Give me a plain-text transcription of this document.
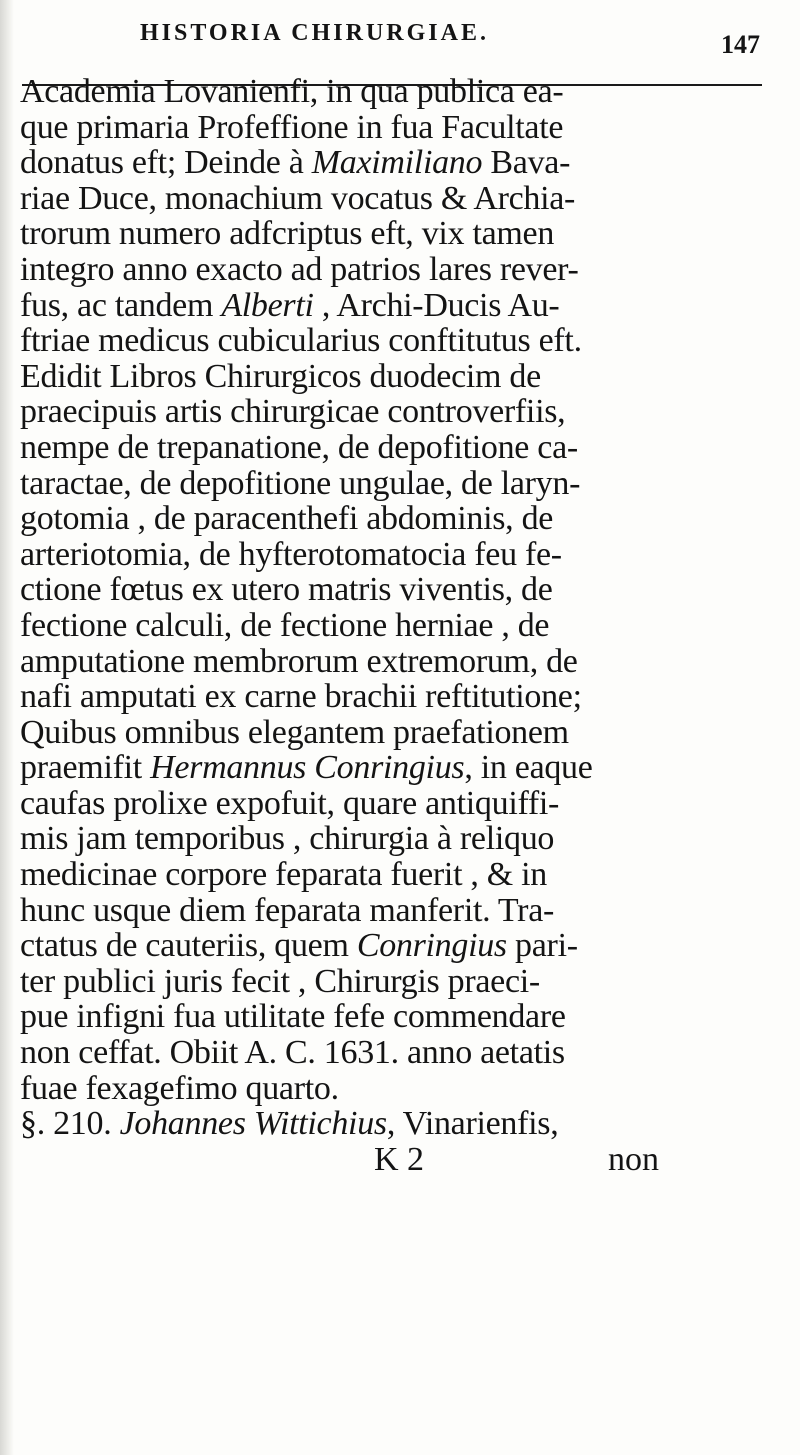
HISTORIA CHIRURGIAE.	147
Academia Lovanienfi, in qua publica ea-
que primaria Profeffione in fua Facultate
donatus eft; Deinde à Maximiliano Bava-
riae Duce, monachium vocatus & Archia-
trorum numero adfcriptus eft, vix tamen
integro anno exacto ad patrios lares rever-
fus, ac tandem Alberti , Archi-Ducis Au-
ftriae medicus cubicularius conftitutus eft.
Edidit Libros Chirurgicos duodecim de
praecipuis artis chirurgicae controverfiis,
nempe de trepanatione, de depofitione ca-
taractae, de depofitione ungulae, de laryn-
gotomia , de paracenthefi abdominis, de
arteriotomia, de hyfterotomatocia feu fe-
ctione fœtus ex utero matris viventis, de
fectione calculi, de fectione herniae , de
amputatione membrorum extremorum, de
nafi amputati ex carne brachii reftitutione;
Quibus omnibus elegantem praefationem
praemifit Hermannus Conringius, in eaque
caufas prolixe expofuit, quare antiquiffi-
mis jam temporibus , chirurgia à reliquo
medicinae corpore feparata fuerit , & in
hunc usque diem feparata manferit. Tra-
ctatus de cauteriis, quem Conringius pari-
ter publici juris fecit , Chirurgis praeci-
pue infigni fua utilitate fefe commendare
non ceffat. Obiit A. C. 1631. anno aetatis
fuae fexagefimo quarto.
§. 210. Johannes Wittichius, Vinarienfis,
K 2	non
